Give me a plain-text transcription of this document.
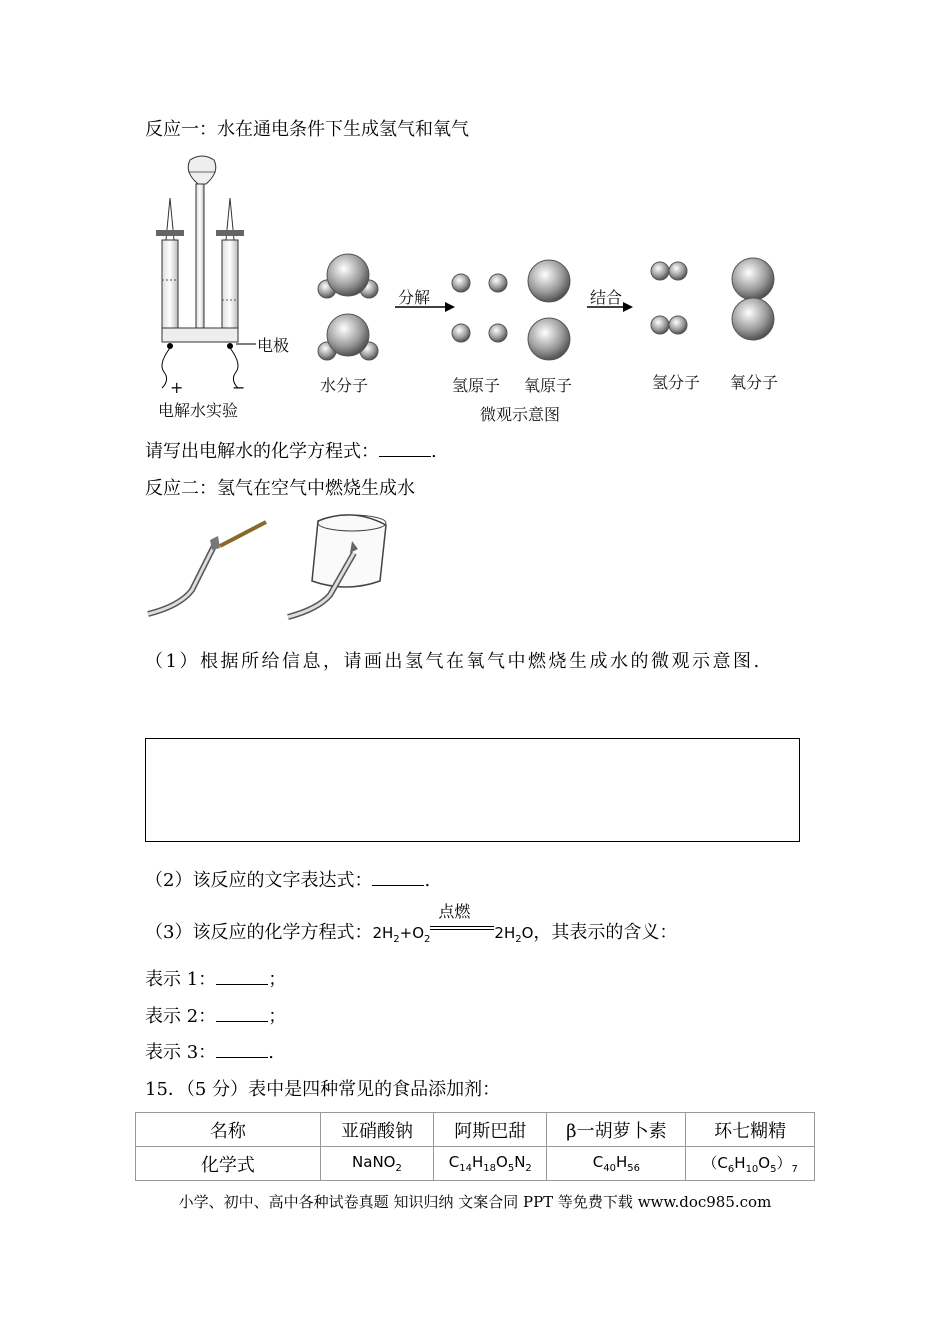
反应一：水在通电条件下生成氢气和氧气
电极
+	−
电解水实验
分解	结合
水分子	氢原子 氧原子	氢分子 氧分子
微观示意图
请写出电解水的化学方程式：	.
反应二：氢气在空气中燃烧生成水
（1）根据所给信息，请画出氢气在氧气中燃烧生成水的微观示意图.
（2）该反应的文字表达式：	.
（3）该反应的化学方程式：$2H_2+O_2$
点燃
$2H_2O$，其表示的含义：
表示 1：	；
表示 2：	；
表示 3：	.
15．（5 分）表中是四种常见的食品添加剂：
名称	亚硝酸钠	阿斯巴甜	β一胡萝卜素	环七糊精
化学式	NaNO$_2$	$C_{14}H_{18}O_5N_2$	$C_{40}H_{56}$	$(C_6H_{10}O_5)_7$
小学、初中、高中各种试卷真题 知识归纳 文案合同 PPT 等免费下载 www.doc985.com
